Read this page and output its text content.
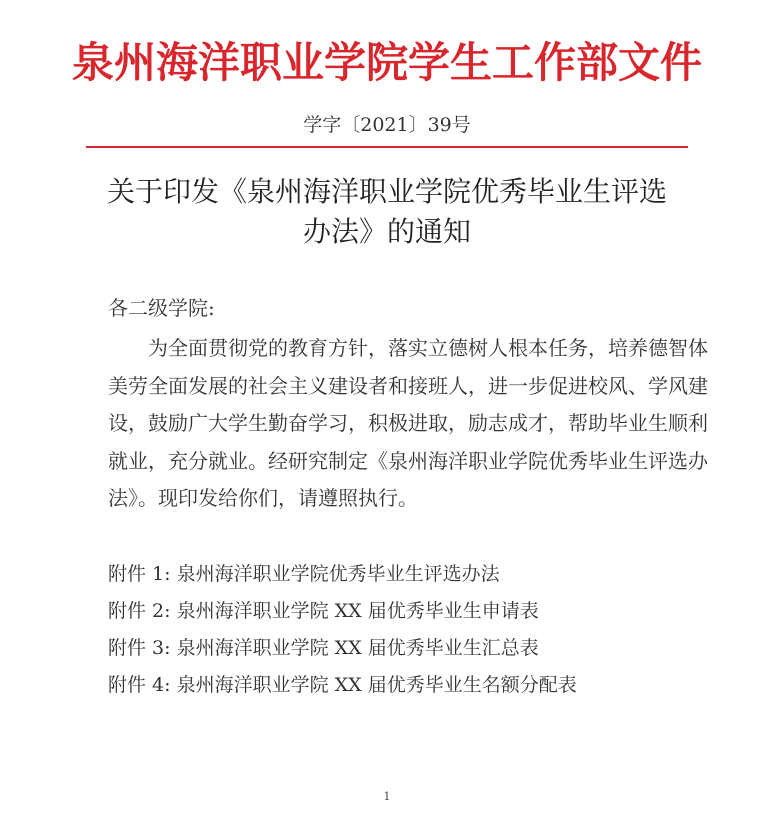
泉州海洋职业学院学生工作部文件
学字〔2021〕39号
关于印发《泉州海洋职业学院优秀毕业生评选
办法》的通知
各二级学院:
为全面贯彻党的教育方针，落实立德树人根本任务，培养德智体美劳全面发展的社会主义建设者和接班人，进一步促进校风、学风建设，鼓励广大学生勤奋学习，积极进取，励志成才，帮助毕业生顺利就业，充分就业。经研究制定《泉州海洋职业学院优秀毕业生评选办法》。现印发给你们，请遵照执行。
附件 1: 泉州海洋职业学院优秀毕业生评选办法
附件 2: 泉州海洋职业学院 XX 届优秀毕业生申请表
附件 3: 泉州海洋职业学院 XX 届优秀毕业生汇总表
附件 4: 泉州海洋职业学院 XX 届优秀毕业生名额分配表
1
